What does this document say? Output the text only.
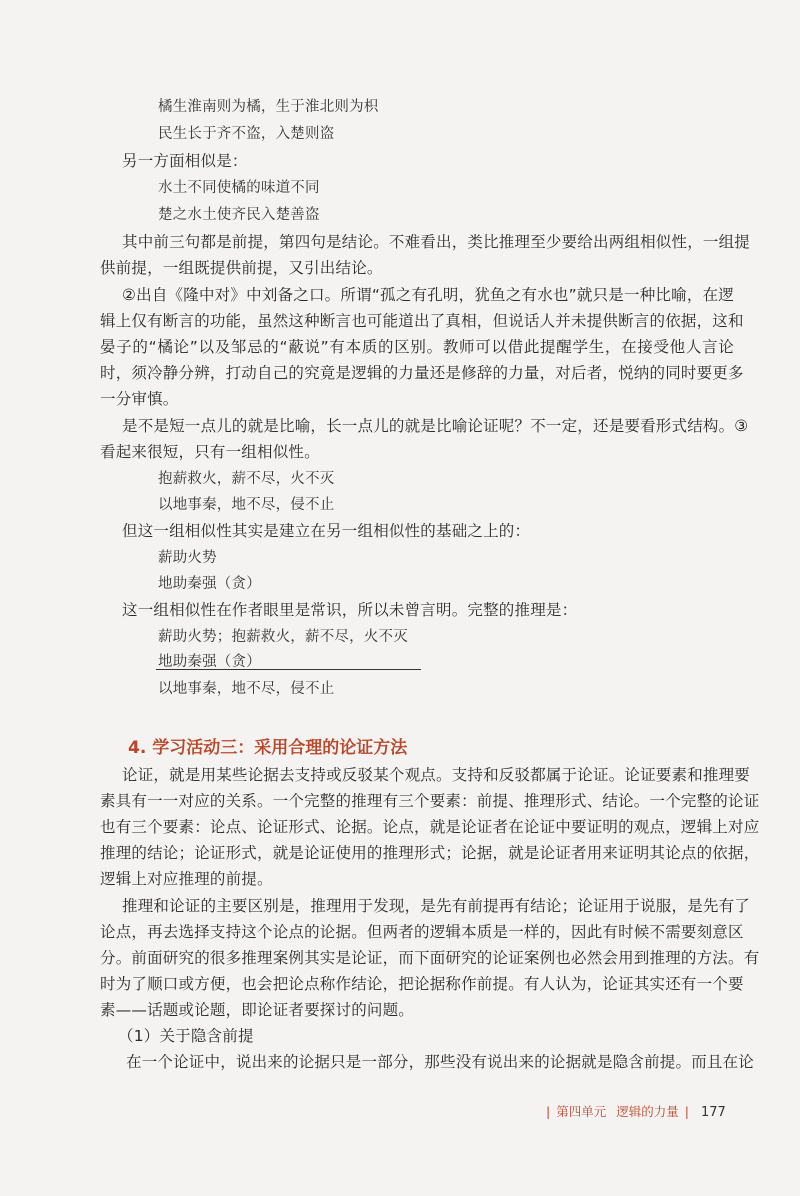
橘生淮南则为橘，生于淮北则为枳
民生长于齐不盗，入楚则盗
另一方面相似是：
水土不同使橘的味道不同
楚之水土使齐民入楚善盗
其中前三句都是前提，第四句是结论。不难看出，类比推理至少要给出两组相似性，一组提
供前提，一组既提供前提，又引出结论。
②出自《隆中对》中刘备之口。所谓“孤之有孔明，犹鱼之有水也”就只是一种比喻，在逻
辑上仅有断言的功能，虽然这种断言也可能道出了真相，但说话人并未提供断言的依据，这和
晏子的“橘论”以及邹忌的“蔽说”有本质的区别。教师可以借此提醒学生，在接受他人言论
时，须冷静分辨，打动自己的究竟是逻辑的力量还是修辞的力量，对后者，悦纳的同时要更多
一分审慎。
是不是短一点儿的就是比喻，长一点儿的就是比喻论证呢？不一定，还是要看形式结构。③
看起来很短，只有一组相似性。
抱薪救火，薪不尽，火不灭
以地事秦，地不尽，侵不止
但这一组相似性其实是建立在另一组相似性的基础之上的：
薪助火势
地助秦强（贪）
这一组相似性在作者眼里是常识，所以未曾言明。完整的推理是：
薪助火势；抱薪救火，薪不尽，火不灭
地助秦强（贪）
以地事秦，地不尽，侵不止
4. 学习活动三：采用合理的论证方法
论证，就是用某些论据去支持或反驳某个观点。支持和反驳都属于论证。论证要素和推理要
素具有一一对应的关系。一个完整的推理有三个要素：前提、推理形式、结论。一个完整的论证
也有三个要素：论点、论证形式、论据。论点，就是论证者在论证中要证明的观点，逻辑上对应
推理的结论；论证形式，就是论证使用的推理形式；论据，就是论证者用来证明其论点的依据，
逻辑上对应推理的前提。
推理和论证的主要区别是，推理用于发现，是先有前提再有结论；论证用于说服，是先有了
论点，再去选择支持这个论点的论据。但两者的逻辑本质是一样的，因此有时候不需要刻意区
分。前面研究的很多推理案例其实是论证，而下面研究的论证案例也必然会用到推理的方法。有
时为了顺口或方便，也会把论点称作结论，把论据称作前提。有人认为，论证其实还有一个要
素——话题或论题，即论证者要探讨的问题。
（1）关于隐含前提
在一个论证中，说出来的论据只是一部分，那些没有说出来的论据就是隐含前提。而且在论
| 第四单元 逻辑的力量 | 177
